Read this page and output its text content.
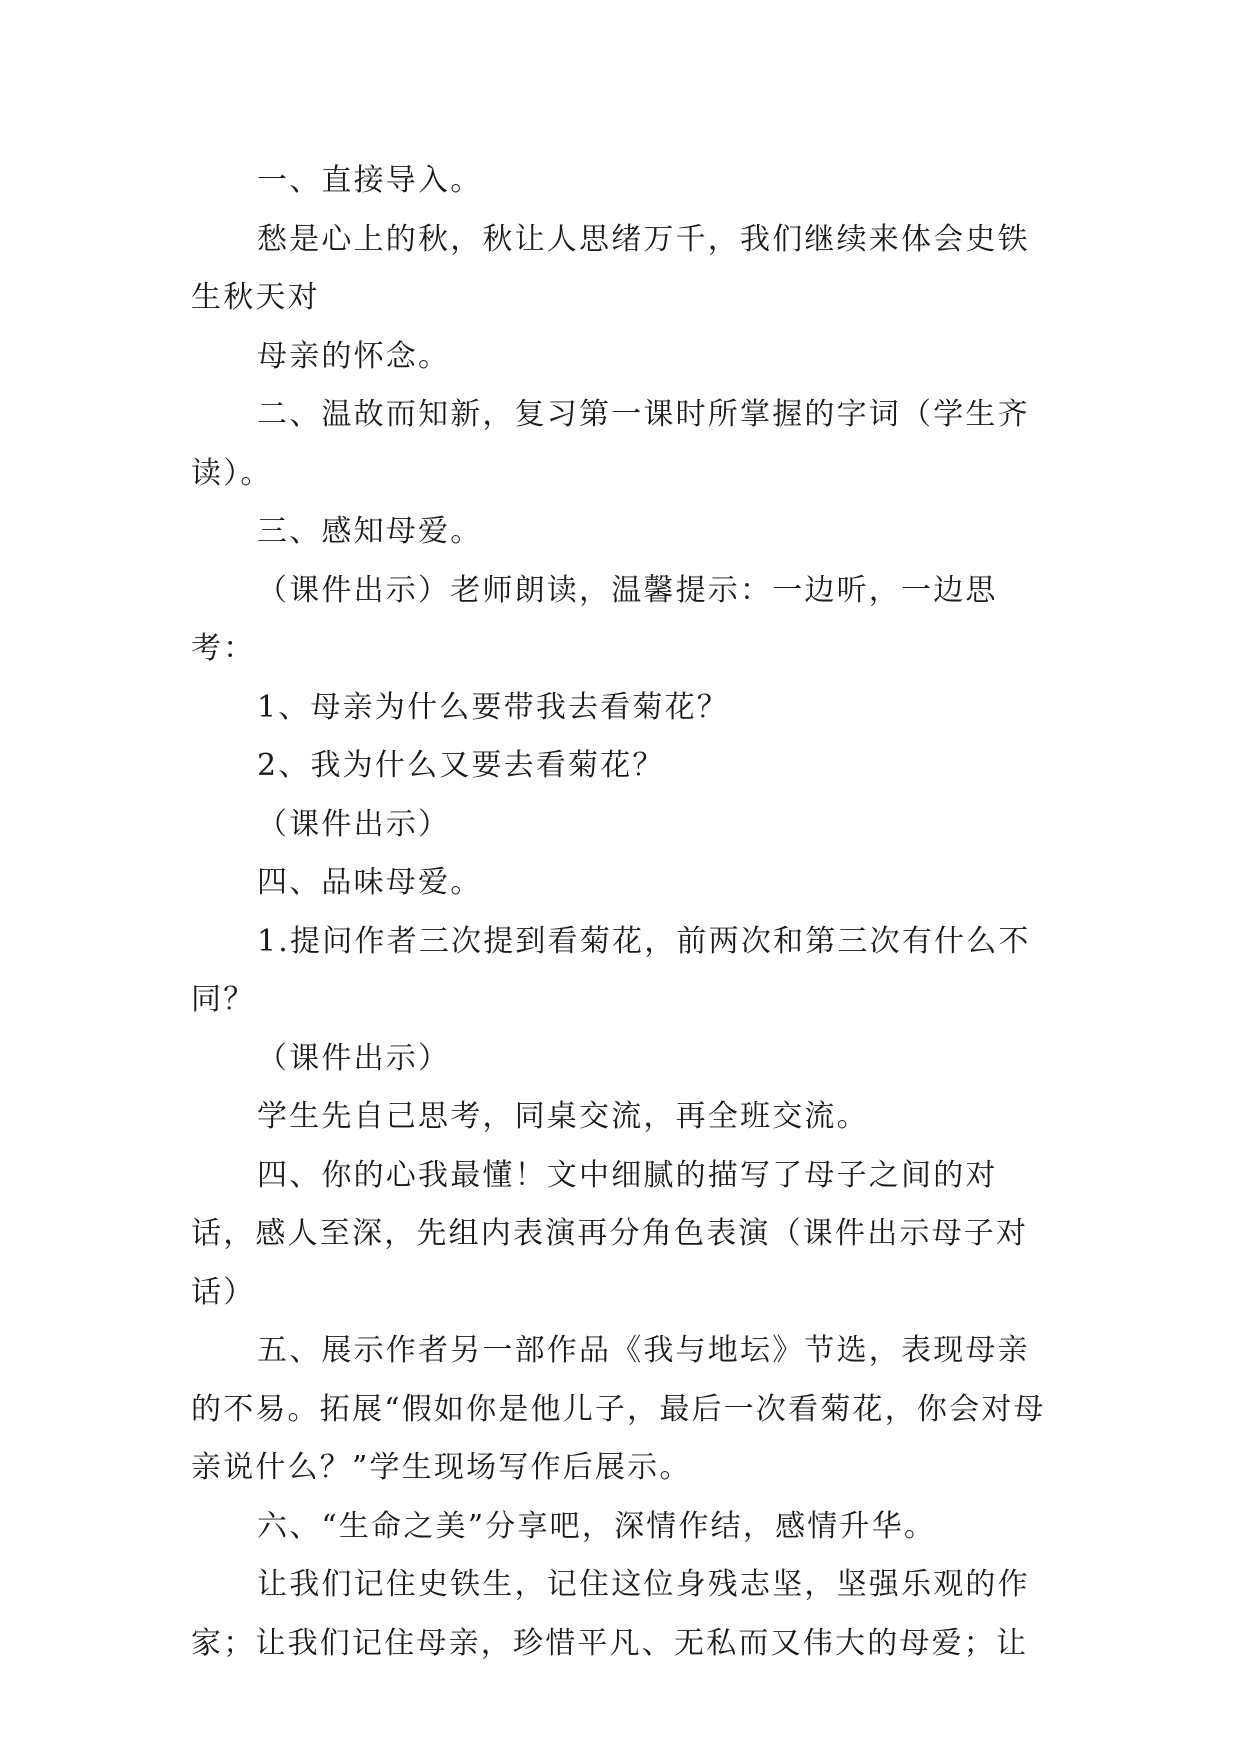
一、直接导入。

愁是心上的秋，秋让人思绪万千，我们继续来体会史铁生秋天对

母亲的怀念。

二、温故而知新，复习第一课时所掌握的字词（学生齐读）。

三、感知母爱。

（课件出示）老师朗读，温馨提示：一边听，一边思考：

1、母亲为什么要带我去看菊花？

2、我为什么又要去看菊花？

（课件出示）

四、品味母爱。

1.提问作者三次提到看菊花，前两次和第三次有什么不同？

（课件出示）

学生先自己思考，同桌交流，再全班交流。

四、你的心我最懂！文中细腻的描写了母子之间的对话，感人至深，先组内表演再分角色表演（课件出示母子对话）

五、展示作者另一部作品《我与地坛》节选，表现母亲的不易。拓展“假如你是他儿子，最后一次看菊花，你会对母亲说什么？”学生现场写作后展示。

六、“生命之美”分享吧，深情作结，感情升华。

让我们记住史铁生，记住这位身残志坚，坚强乐观的作家；让我们记住母亲，珍惜平凡、无私而又伟大的母爱；让
